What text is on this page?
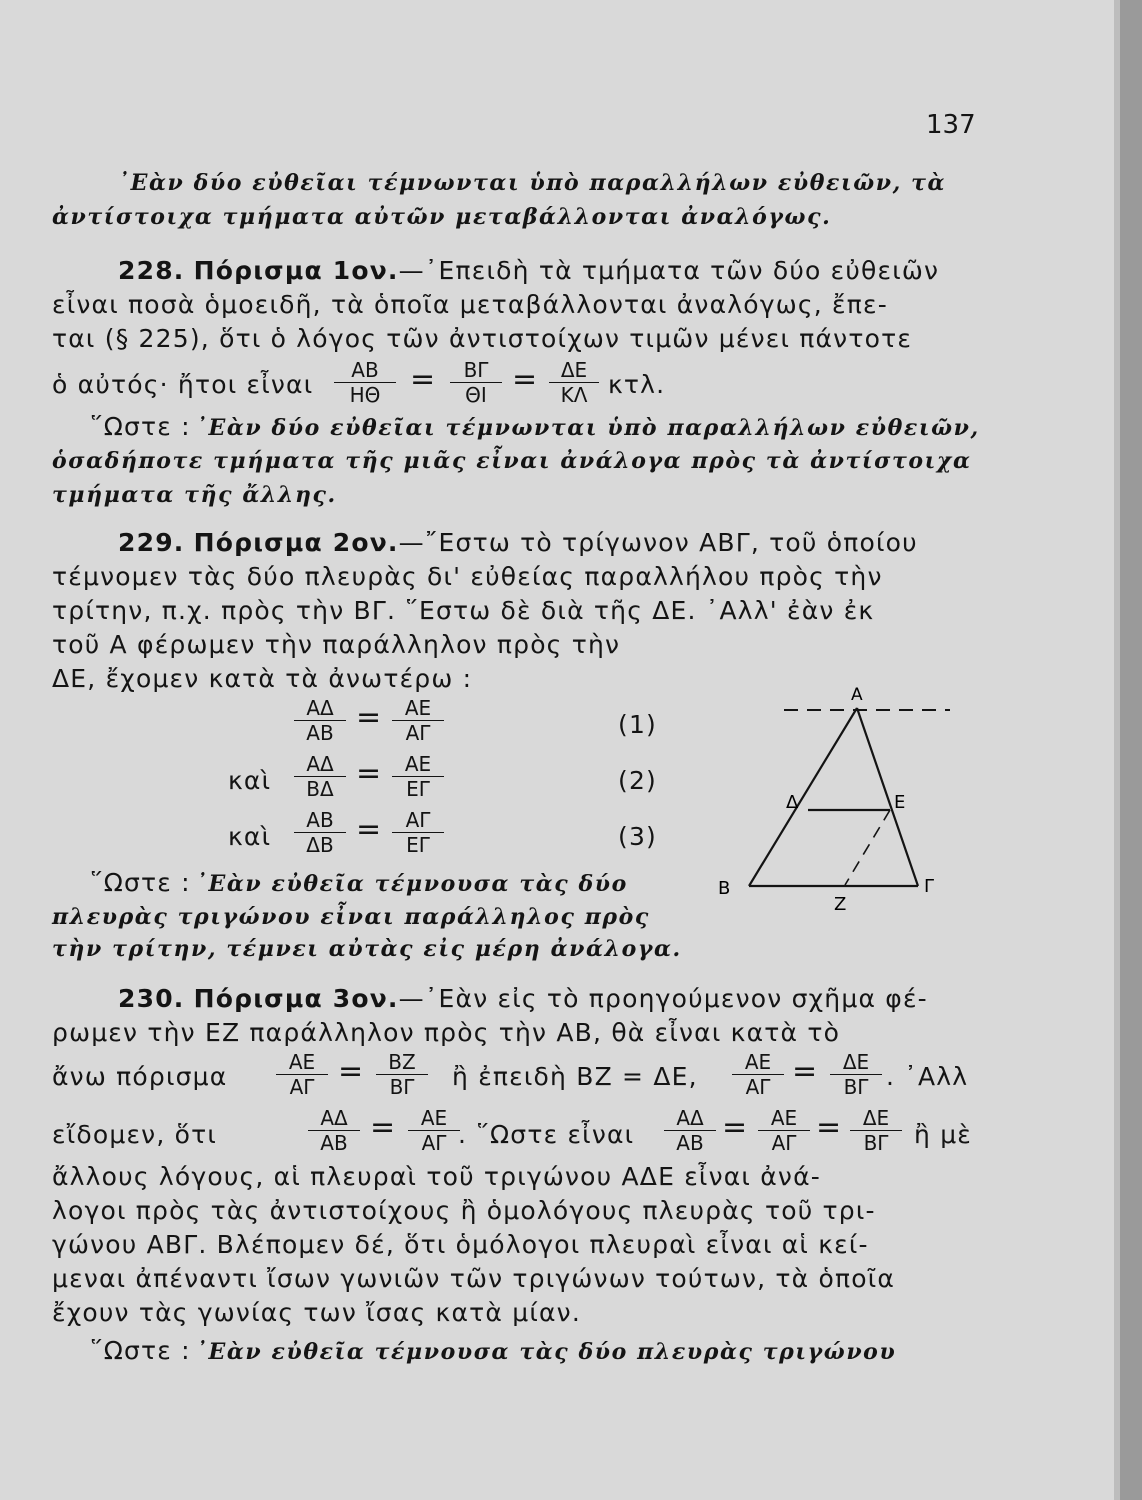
137
᾿Εὰν δύο εὐθεῖαι τέμνωνται ὑπὸ παραλλήλων εὐθειῶν, τὰ
ἀντίστοιχα τμήματα αὐτῶν μεταβάλλονται ἀναλόγως.
228. Πόρισμα 1ον.—᾿Επειδὴ τὰ τμήματα τῶν δύο εὐθειῶν
εἶναι ποσὰ ὁμοειδῆ, τὰ ὁποῖα μεταβάλλονται ἀναλόγως, ἔπε-
ται (§ 225), ὅτι ὁ λόγος τῶν ἀντιστοίχων τιμῶν μένει πάντοτε
ὁ αὐτός· ἤτοι εἶναι	ΑΒ
ΗΘ =	ΒΓ
ΘΙ =	ΔΕ
ΚΛ κτλ.
῞Ωστε : ᾿Εὰν δύο εὐθεῖαι τέμνωνται ὑπὸ παραλλήλων εὐθειῶν,
ὁσαδήποτε τμήματα τῆς μιᾶς εἶναι ἀνάλογα πρὸς τὰ ἀντίστοιχα
τμήματα τῆς ἄλλης.
229. Πόρισμα 2ον.—῎Εστω τὸ τρίγωνον ΑΒΓ, τοῦ ὁποίου
τέμνομεν τὰς δύο πλευρὰς δι' εὐθείας παραλλήλου πρὸς τὴν
τρίτην, π.χ. πρὸς τὴν ΒΓ. ῞Εστω δὲ διὰ τῆς ΔΕ. ᾿Αλλ' ἐὰν ἐκ
τοῦ Α φέρωμεν τὴν παράλληλον πρὸς τὴν
ΔΕ, ἔχομεν κατὰ τὰ ἀνωτέρω :
ΑΔ
ΑΒ =	ΑΕ
ΑΓ	(1)
καὶ
ΑΔ
ΒΔ =	ΑΕ
ΕΓ	(2)
καὶ
ΑΒ
ΔΒ =	ΑΓ
ΕΓ	(3)
῞Ωστε : ᾿Εὰν εὐθεῖα τέμνουσα τὰς δύο
πλευρὰς τριγώνου εἶναι παράλληλος πρὸς
τὴν τρίτην, τέμνει αὐτὰς εἰς μέρη ἀνάλογα.
Α
Β	Γ
Δ	Ε
Ζ
230. Πόρισμα 3ον.—᾿Εὰν εἰς τὸ προηγούμενον σχῆμα φέ-
ρωμεν τὴν ΕΖ παράλληλον πρὸς τὴν ΑΒ, θὰ εἶναι κατὰ τὸ
ἄνω πόρισμα	ΑΕ
ΑΓ =	ΒΖ
ΒΓ	ἢ ἐπειδὴ ΒΖ = ΔΕ,	ΑΕ
ΑΓ =	ΔΕ
ΒΓ . ᾿Αλλ
εἴδομεν, ὅτι
ΑΔ
ΑΒ =	ΑΕ
ΑΓ . ῞Ωστε εἶναι
ΑΔ
ΑΒ =	ΑΕ
ΑΓ =	ΔΕ
ΒΓ	ἢ μὲ
ἄλλους λόγους, αἱ πλευραὶ τοῦ τριγώνου ΑΔΕ εἶναι ἀνά-
λογοι πρὸς τὰς ἀντιστοίχους ἢ ὁμολόγους πλευρὰς τοῦ τρι-
γώνου ΑΒΓ. Βλέπομεν δέ, ὅτι ὁμόλογοι πλευραὶ εἶναι αἱ κεί-
μεναι ἀπέναντι ἴσων γωνιῶν τῶν τριγώνων τούτων, τὰ ὁποῖα
ἔχουν τὰς γωνίας των ἴσας κατὰ μίαν.
῞Ωστε : ᾿Εὰν εὐθεῖα τέμνουσα τὰς δύο πλευρὰς τριγώνου
